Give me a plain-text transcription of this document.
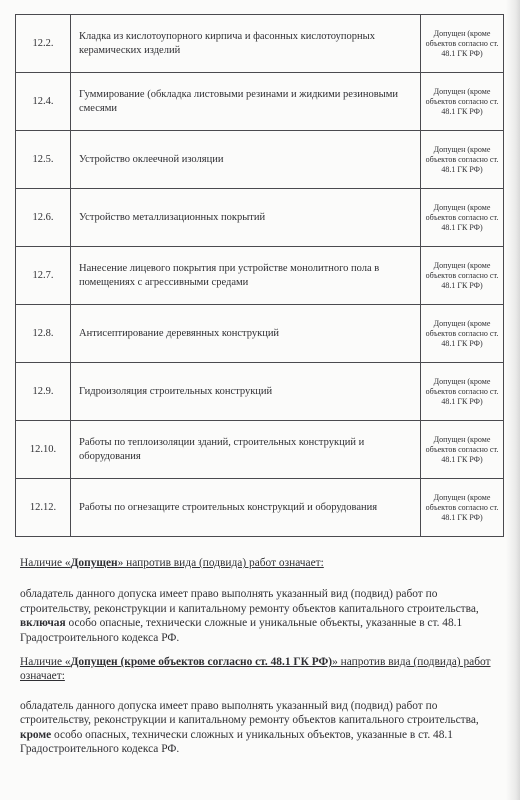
12.2.	Кладка из кислотоупорного кирпича и фасонных кислотоупорных керамических изделий	Допущен (кроме объектов согласно ст. 48.1 ГК РФ)
12.4.	Гуммирование (обкладка листовыми резинами и жидкими резиновыми смесями	Допущен (кроме объектов согласно ст. 48.1 ГК РФ)
12.5.	Устройство оклеечной изоляции	Допущен (кроме объектов согласно ст. 48.1 ГК РФ)
12.6.	Устройство металлизационных покрытий	Допущен (кроме объектов согласно ст. 48.1 ГК РФ)
12.7.	Нанесение лицевого покрытия при устройстве монолитного пола в помещениях с агрессивными средами	Допущен (кроме объектов согласно ст. 48.1 ГК РФ)
12.8.	Антисептирование деревянных конструкций	Допущен (кроме объектов согласно ст. 48.1 ГК РФ)
12.9.	Гидроизоляция строительных конструкций	Допущен (кроме объектов согласно ст. 48.1 ГК РФ)
12.10.	Работы по теплоизоляции зданий, строительных конструкций и оборудования	Допущен (кроме объектов согласно ст. 48.1 ГК РФ)
12.12.	Работы по огнезащите строительных конструкций и оборудования	Допущен (кроме объектов согласно ст. 48.1 ГК РФ)

Наличие «Допущен» напротив вида (подвида) работ означает:

обладатель данного допуска имеет право выполнять указанный вид (подвид) работ по строительству, реконструкции и капитальному ремонту объектов капитального строительства, включая особо опасные, технически сложные и уникальные объекты, указанные в ст. 48.1 Градостроительного кодекса РФ.

Наличие «Допущен (кроме объектов согласно ст. 48.1 ГК РФ)» напротив вида (подвида) работ означает:

обладатель данного допуска имеет право выполнять указанный вид (подвид) работ по строительству, реконструкции и капитальному ремонту объектов капитального строительства, кроме особо опасных, технически сложных и уникальных объектов, указанные в ст. 48.1 Градостроительного кодекса РФ.
